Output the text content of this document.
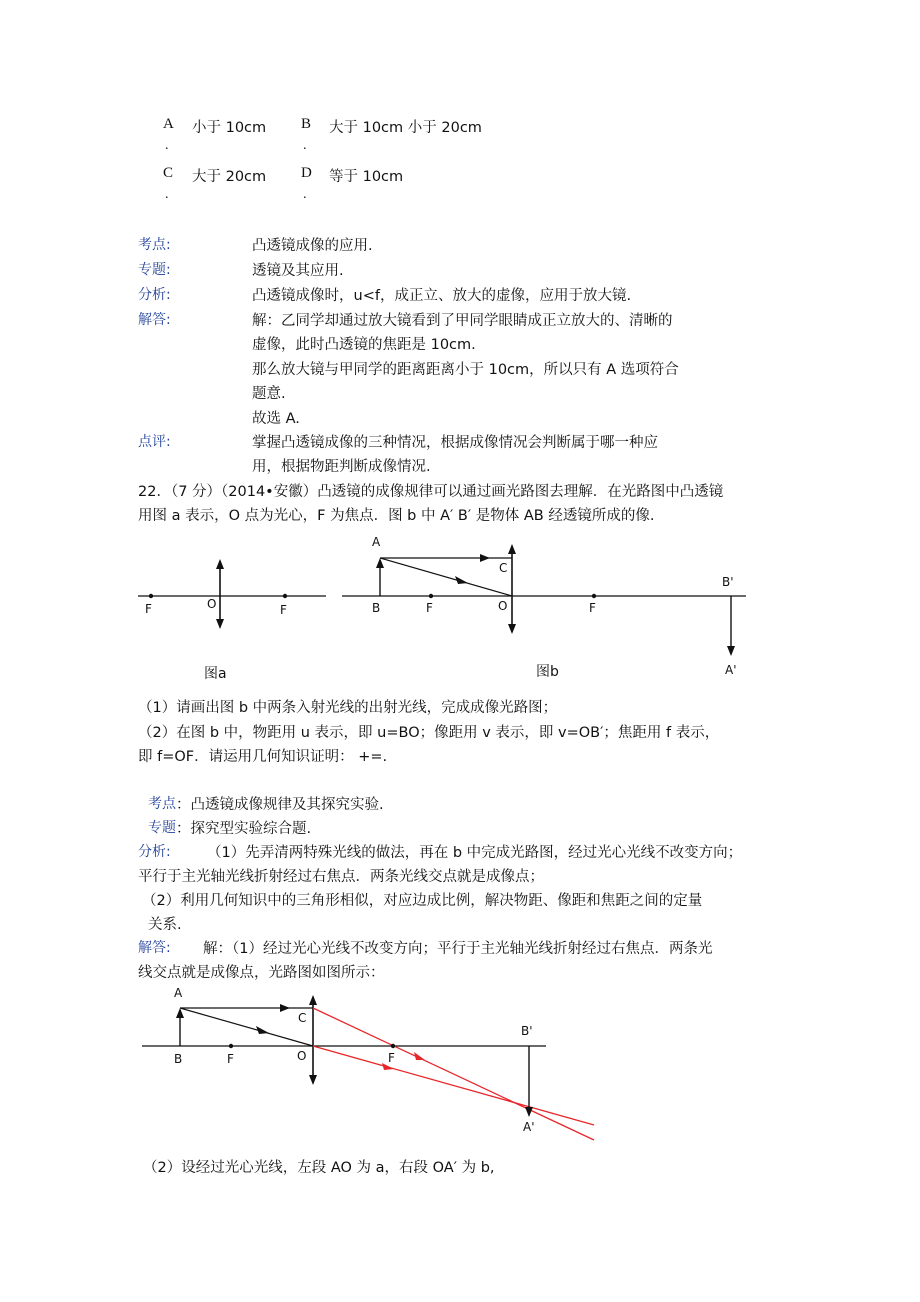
A 小于 10cm B 大于 10cm 小于 20cm
.	.
C 大于 20cm D 等于 10cm
.	.
考点:	凸透镜成像的应用.
专题:	透镜及其应用.
分析:	凸透镜成像时，u<f，成正立、放大的虚像，应用于放大镜.
解答:	解：乙同学却通过放大镜看到了甲同学眼睛成正立放大的、清晰的
虚像，此时凸透镜的焦距是 10cm.
那么放大镜与甲同学的距离距离小于 10cm，所以只有 A 选项符合
题意.
故选 A.
点评:	掌握凸透镜成像的三种情况，根据成像情况会判断属于哪一种应
用，根据物距判断成像情况.
22．（7 分）（2014•安徽）凸透镜的成像规律可以通过画光路图去理解．在光路图中凸透镜
用图 a 表示，O 点为光心，F 为焦点．图 b 中 A′ B′ 是物体 AB 经透镜所成的像.
F	O	F
图a
A
B	F
C
O	F
B'
A'
图b
（1）请画出图 b 中两条入射光线的出射光线，完成成像光路图；
（2）在图 b 中，物距用 u 表示，即 u=BO；像距用 v 表示，即 v=OB′；焦距用 f 表示，
即 f=OF．请运用几何知识证明： +=.
考点 ：凸透镜成像规律及其探究实验.
专题 ：探究型实验综合题.
分析:	（1）先弄清两特殊光线的做法，再在 b 中完成光路图，经过光心光线不改变方向；
平行于主光轴光线折射经过右焦点．两条光线交点就是成像点；
（2）利用几何知识中的三角形相似，对应边成比例，解决物距、像距和焦距之间的定量
关系.
解答: 解：（1）经过光心光线不改变方向；平行于主光轴光线折射经过右焦点．两条光
线交点就是成像点，光路图如图所示：
A
B	F
C
O	F
B'
A'
（2）设经过光心光线，左段 AO 为 a，右段 OA′ 为 b,
